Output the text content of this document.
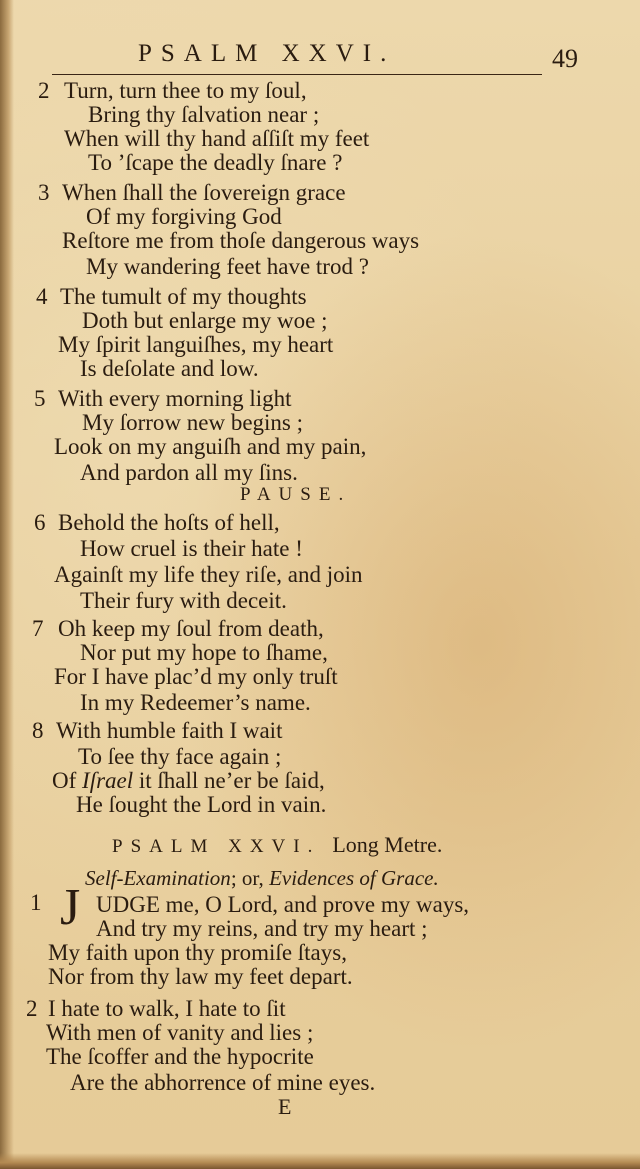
PSALM XXVI.	49
2 Turn, turn thee to my ſoul,
Bring thy ſalvation near ;
When will thy hand aſſiſt my feet
To ’ſcape the deadly ſnare ?
3 When ſhall the ſovereign grace
Of my forgiving God
Reſtore me from thoſe dangerous ways
My wandering feet have trod ?
4 The tumult of my thoughts
Doth but enlarge my woe ;
My ſpirit languiſhes, my heart
Is deſolate and low.
5 With every morning light
My ſorrow new begins ;
Look on my anguiſh and my pain,
And pardon all my ſins.
PAUSE.
6 Behold the hoſts of hell,
How cruel is their hate !
Againſt my life they riſe, and join
Their fury with deceit.
7 Oh keep my ſoul from death,
Nor put my hope to ſhame,
For I have plac’d my only truſt
In my Redeemer’s name.
8 With humble faith I wait
To ſee thy face again ;
Of Iſrael it ſhall ne’er be ſaid,
He ſought the Lord in vain.
PSALM XXVI. Long Metre.
Self-Examination; or, Evidences of Grace.
1 J UDGE me, O Lord, and prove my ways,
And try my reins, and try my heart ;
My faith upon thy promiſe ſtays,
Nor from thy law my feet depart.
2 I hate to walk, I hate to ſit
With men of vanity and lies ;
The ſcoffer and the hypocrite
Are the abhorrence of mine eyes.
E
